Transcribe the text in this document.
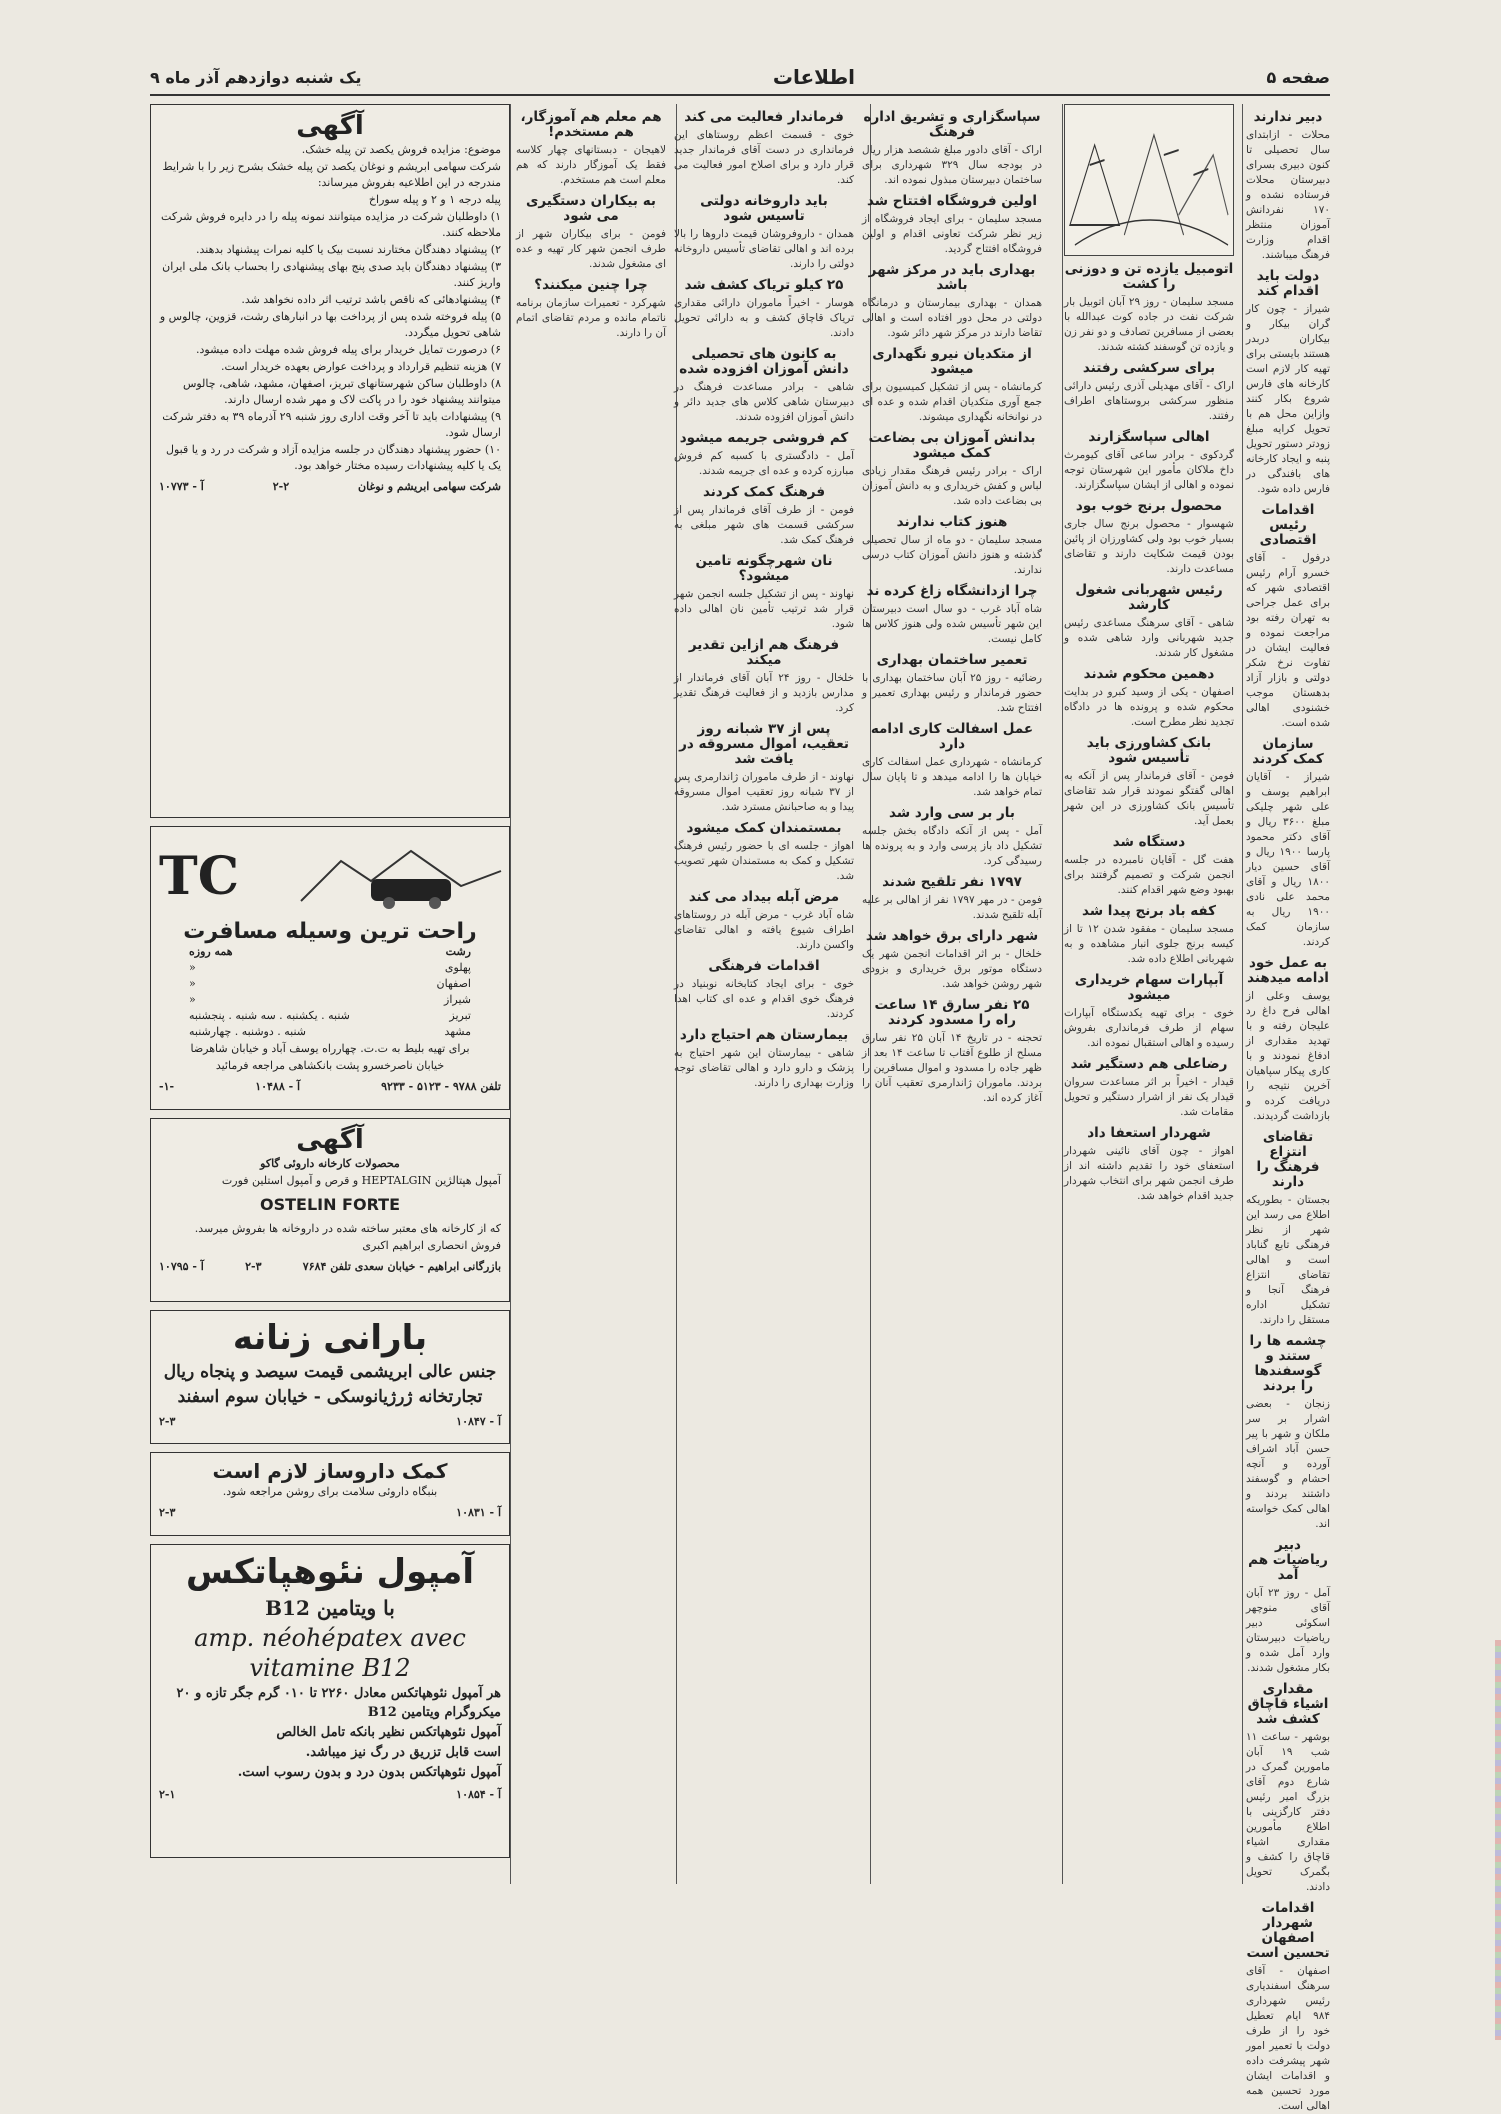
صفحه ۵
اطلاعات
یک شنبه دوازدهم آذر ماه ۹
دبیر ندارند

محلات - ازابتدای سال تحصیلی تا کنون دبیری بسرای دبیرستان محلات فرستاده نشده و ۱۷۰ نفردانش آموزان منتظر اقدام وزارت فرهنگ میباشند.

دولت باید اقدام کند

شیراز - چون کار گران بیکار و بیکاران دربدر هستند بایستی برای تهیه کار لازم است کارخانه های فارس شروع بکار کنند وازاین محل هم با تحویل کرایه مبلغ زودتر دستور تحویل پنبه و ایجاد کارخانه های بافندگی در فارس داده شود.

اقدامات رئیس اقتصادی

درفول - آقای خسرو آرام رئیس اقتصادی شهر که برای عمل جراحی به تهران رفته بود مراجعت نموده و فعالیت ایشان در تفاوت نرخ شکر دولتی و بازار آزاد بدهستان موجب خشنودی اهالی شده است.

سازمان کمک کردند

شیراز - آقایان ابراهیم یوسف و علی شهر چلیکی مبلغ ۳۶۰۰ ریال و آقای دکتر محمود پارسا ۱۹۰۰ ریال و آقای حسین دیار ۱۸۰۰ ریال و آقای محمد علی نادی ۱۹۰۰ ریال به سازمان کمک کردند.

به عمل خود ادامه میدهند

یوسف وعلی از اهالی فرح داغ رد علیجان رفته و با تهدید مقداری از ادفاغ نمودند و با کاری پیکار سپاهیان آخرین نتیجه را دریافت کرده و بازداشت گردیدند.

تقاضای انتزاع فرهنگ را دارند

بجستان - بطوریکه اطلاع می رسد این شهر از نظر فرهنگی تابع گناباد است و اهالی تقاضای انتزاع فرهنگ آنجا و تشکیل اداره مستقل را دارند.

چشمه ها را ستند و گوسفندها را بردند

زنجان - بعضی اشرار بر سر ملکان و شهر با پیر حسن آباد اشراف آورده و آنچه احشام و گوسفند داشتند بردند و اهالی کمک خواسته اند.

دبیر ریاضیات هم آمد

آمل - روز ۲۳ آبان آقای منوچهر اسکوئی دبیر ریاضیات دبیرستان وارد آمل شده و بکار مشغول شدند.

مقداری اشیاء قاچاق کشف شد

بوشهر - ساعت ۱۱ شب ۱۹ آبان مامورین گمرک در شارع دوم آقای بزرگ امیر رئیس دفتر کارگزینی با اطلاع مأمورین مقداری اشیاء قاچاق را کشف و بگمرک تحویل دادند.

اقدامات شهردار اصفهان تحسین است

اصفهان - آقای سرهنگ اسفندیاری رئیس شهرداری ۹۸۴ ایام تعطیل خود را از طرف دولت با تعمیر امور شهر پیشرفت داده و اقدامات ایشان مورد تحسین همه اهالی است.

اتومبیل یازده تن و دوزنی را کشت

مسجد سلیمان - روز ۲۹ آبان اتوبیل بار شرکت نفت در جاده کوت عبدالله با بعضی از مسافرین تصادف و دو نفر زن و یازده تن گوسفند کشته شدند.

برای سرکشی رفتند

اراک - آقای مهدیلی آذری رئیس دارائی منظور سرکشی بروستاهای اطراف رفتند.

اهالی سپاسگزارند

گردکوی - برادر ساعی آقای کیومرث داخ ملاکان مأمور این شهرستان توجه نموده و اهالی از ایشان سپاسگزارند.

محصول برنج خوب بود

شهسوار - محصول برنج سال جاری بسیار خوب بود ولی کشاورزان از پائین بودن قیمت شکایت دارند و تقاضای مساعدت دارند.

رئیس شهربانی شغول کارشد

شاهی - آقای سرهنگ مساعدی رئیس جدید شهربانی وارد شاهی شده و مشغول کار شدند.

دهمین محکوم شدند

اصفهان - یکی از وسید کبرو در بدایت محکوم شده و پرونده ها در دادگاه تجدید نظر مطرح است.

بانک کشاورزی باید تأسیس شود

فومن - آقای فرماندار پس از آنکه به اهالی گفتگو نمودند قرار شد تقاضای تأسیس بانک کشاورزی در این شهر بعمل آید.

دستگاه شد

هفت گل - آقایان نامبرده در جلسه انجمن شرکت و تصمیم گرفتند برای بهبود وضع شهر اقدام کنند.

کفه باد برنج پیدا شد

مسجد سلیمان - مفقود شدن ۱۲ تا از کیسه برنج جلوی انبار مشاهده و به شهربانی اطلاع داده شد.

آبپارات سهام خریداری میشود

خوی - برای تهیه یکدستگاه آبپارات سهام از طرف فرمانداری بفروش رسیده و اهالی استقبال نموده اند.

رضاعلی هم دستگیر شد

قیدار - اخیراً بر اثر مساعدت سروان قیدار یک نفر از اشرار دستگیر و تحویل مقامات شد.

شهردار استعفا داد

اهواز - چون آقای نائینی شهردار استعفای خود را تقدیم داشته اند از طرف انجمن شهر برای انتخاب شهردار جدید اقدام خواهد شد.

سپاسگزاری و تشریق اداره فرهنگ

اراک - آقای دادور مبلغ ششصد هزار ریال در بودجه سال ۳۲۹ شهرداری برای ساختمان دبیرستان مبذول نموده اند.

اولین فروشگاه افتتاح شد

مسجد سلیمان - برای ایجاد فروشگاه از زیر نظر شرکت تعاونی اقدام و اولین فروشگاه افتتاح گردید.

بهداری باید در مرکز شهر باشد

همدان - بهداری بیمارستان و درمانگاه دولتی در محل دور افتاده است و اهالی تقاضا دارند در مرکز شهر دائر شود.

از متکدیان نیرو نگهداری میشود

کرمانشاه - پس از تشکیل کمیسیون برای جمع آوری متکدیان اقدام شده و عده ای در نوانخانه نگهداری میشوند.

بدانش آموزان بی بضاعت کمک میشود

اراک - برادر رئیس فرهنگ مقدار زیادی لباس و کفش خریداری و به دانش آموزان بی بضاعت داده شد.

هنوز کتاب ندارند

مسجد سلیمان - دو ماه از سال تحصیلی گذشته و هنوز دانش آموزان کتاب درسی ندارند.

چرا ازدانشگاه زاغ کرده ند

شاه آباد غرب - دو سال است دبیرستان این شهر تأسیس شده ولی هنوز کلاس ها کامل نیست.

تعمیر ساختمان بهداری

رضائیه - روز ۲۵ آبان ساختمان بهداری با حضور فرماندار و رئیس بهداری تعمیر و افتتاح شد.

عمل اسفالت کاری ادامه دارد

کرمانشاه - شهرداری عمل اسفالت کاری خیابان ها را ادامه میدهد و تا پایان سال تمام خواهد شد.

بار بر سی وارد شد

آمل - پس از آنکه دادگاه بخش جلسه تشکیل داد باز پرسی وارد و به پرونده ها رسیدگی کرد.

۱۷۹۷ نفر تلقیح شدند

فومن - در مهر ۱۷۹۷ نفر از اهالی بر علیه آبله تلقیح شدند.

شهر دارای برق خواهد شد

خلخال - بر اثر اقدامات انجمن شهر یک دستگاه موتور برق خریداری و بزودی شهر روشن خواهد شد.

۲۵ نفر سارق ۱۴ ساعت راه را مسدود کردند

تحجنه - در تاریخ ۱۴ آبان ۲۵ نفر سارق مسلح از طلوع آفتاب تا ساعت ۱۴ بعد از ظهر جاده را مسدود و اموال مسافرین را بردند. ماموران ژاندارمری تعقیب آنان را آغاز کرده اند.

فرماندار فعالیت می کند

خوی - قسمت اعظم روستاهای این فرمانداری در دست آقای فرماندار جدید قرار دارد و برای اصلاح امور فعالیت می کند.

باید داروخانه دولتی تاسیس شود

همدان - داروفروشان قیمت داروها را بالا برده اند و اهالی تقاضای تأسیس داروخانه دولتی را دارند.

۲۵ کیلو تریاک کشف شد

هوسار - اخیراً ماموران دارائی مقداری تریاک قاچاق کشف و به دارائی تحویل دادند.

به کانون های تحصیلی دانش آموزان افزوده شده

شاهی - برادر مساعدت فرهنگ در دبیرستان شاهی کلاس های جدید دائر و دانش آموزان افزوده شدند.

کم فروشی جریمه میشود

آمل - دادگستری با کسبه کم فروش مبارزه کرده و عده ای جریمه شدند.

فرهنگ کمک کردند

فومن - از طرف آقای فرماندار پس از سرکشی قسمت های شهر مبلغی به فرهنگ کمک شد.

نان شهرچگونه تامین میشود؟

نهاوند - پس از تشکیل جلسه انجمن شهر قرار شد ترتیب تأمین نان اهالی داده شود.

فرهنگ هم ازاین تقدیر میکند

خلخال - روز ۲۴ آبان آقای فرماندار از مدارس بازدید و از فعالیت فرهنگ تقدیر کرد.

پس از ۳۷ شبانه روز تعقیب، اموال مسروقه در یافت شد

نهاوند - از طرف ماموران ژاندارمری پس از ۳۷ شبانه روز تعقیب اموال مسروقه پیدا و به صاحبانش مسترد شد.

بمستمندان کمک میشود

اهواز - جلسه ای با حضور رئیس فرهنگ تشکیل و کمک به مستمندان شهر تصویب شد.

مرض آبله بیداد می کند

شاه آباد غرب - مرض آبله در روستاهای اطراف شیوع یافته و اهالی تقاضای واکسن دارند.

اقدامات فرهنگی

خوی - برای ایجاد کتابخانه نوبنیاد در فرهنگ خوی اقدام و عده ای کتاب اهدا کردند.

بیمارستان هم احتیاج دارد

شاهی - بیمارستان این شهر احتیاج به پزشک و دارو دارد و اهالی تقاضای توجه وزارت بهداری را دارند.

هم معلم هم آموزگار، هم مستخدم!

لاهیجان - دبستانهای چهار کلاسه فقط یک آموزگار دارند که هم معلم است هم مستخدم.

به بیکاران دستگیری می شود

فومن - برای بیکاران شهر از طرف انجمن شهر کار تهیه و عده ای مشغول شدند.

چرا چنین میکنند؟

شهرکرد - تعمیرات سازمان برنامه ناتمام مانده و مردم تقاضای اتمام آن را دارند.

آگهی
موضوع: مزایده فروش یکصد تن پیله خشک.
شرکت سهامی ابریشم و نوغان یکصد تن پیله خشک بشرح زیر را با شرایط مندرجه در این اطلاعیه بفروش میرساند:
پیله درجه ۱ و ۲ و پیله سوراخ
۱) داوطلبان شرکت در مزایده میتوانند نمونه پیله را در دایره فروش شرکت ملاحظه کنند.
۲) پیشنهاد دهندگان مختارند نسبت بیک یا کلیه نمرات پیشنهاد بدهند.
۳) پیشنهاد دهندگان باید صدی پنج بهای پیشنهادی را بحساب بانک ملی ایران واریز کنند.
۴) پیشنهادهائی که ناقص باشد ترتیب اثر داده نخواهد شد.
۵) پیله فروخته شده پس از پرداخت بها در انبارهای رشت، قزوین، چالوس و شاهی تحویل میگردد.
۶) درصورت تمایل خریدار برای پیله فروش شده مهلت داده میشود.
۷) هزینه تنظیم قرارداد و پرداخت عوارض بعهده خریدار است.
۸) داوطلبان ساکن شهرستانهای تبریز، اصفهان، مشهد، شاهی، چالوس میتوانند پیشنهاد خود را در پاکت لاک و مهر شده ارسال دارند.
۹) پیشنهادات باید تا آخر وقت اداری روز شنبه ۲۹ آذرماه ۳۹ به دفتر شرکت ارسال شود.
۱۰) حضور پیشنهاد دهندگان در جلسه مزایده آزاد و شرکت در رد و یا قبول یک یا کلیه پیشنهادات رسیده مختار خواهد بود.
شرکت سهامی ابریشم و نوغان
۲-۲
آ - ۱۰۷۷۳
TC
راحت ترین وسیله مسافرت
رشت
همه روزه
پهلوی
«
اصفهان
«
شیراز
«
تبریز
شنبه . یکشنبه . سه شنبه . پنجشنبه
مشهد
شنبه . دوشنبه . چهارشنبه
برای تهیه بلیط به ت.ت. چهارراه یوسف آباد و خیابان شاهرضا
خیابان ناصرخسرو پشت بانکشاهی مراجعه فرمائید
تلفن ۹۷۸۸ - ۵۱۲۳ - ۹۲۳۳
آ - ۱۰۴۸۸
-۱-
آگهی
محصولات کارخانه داروئی گاکو
آمپول هپتالژین HEPTALGIN و قرص و آمپول استلین فورت
OSTELIN FORTE
که از کارخانه های معتبر ساخته شده در داروخانه ها بفروش میرسد.
فروش انحصاری ابراهیم اکبری
بازرگانی ابراهیم - خیابان سعدی تلفن ۷۶۸۴
۲-۳
آ - ۱۰۷۹۵
بارانی زنانه
جنس عالی ابریشمی قیمت سیصد و پنجاه ریال
تجارتخانه ژرژیانوسکی - خیابان سوم اسفند
آ - ۱۰۸۴۷
۲-۳
کمک داروساز لازم است
بنبگاه داروئی سلامت برای روشن مراجعه شود.
آ - ۱۰۸۳۱
۲-۳
آمپول نئوهپاتکس
با ویتامین B12
amp. néohépatex avec
vitamine B12
هر آمپول نئوهپاتکس معادل ۲۲۶۰ تا ۰۱۰ گرم جگر تازه و ۲۰ میکروگرام ویتامین B12
آمپول نئوهپاتکس نظیر بانکه تامل الخالص
است قابل تزریق در رگ نیز میباشد.
آمپول نئوهپاتکس بدون درد و بدون رسوب است.
آ - ۱۰۸۵۴
۲-۱
